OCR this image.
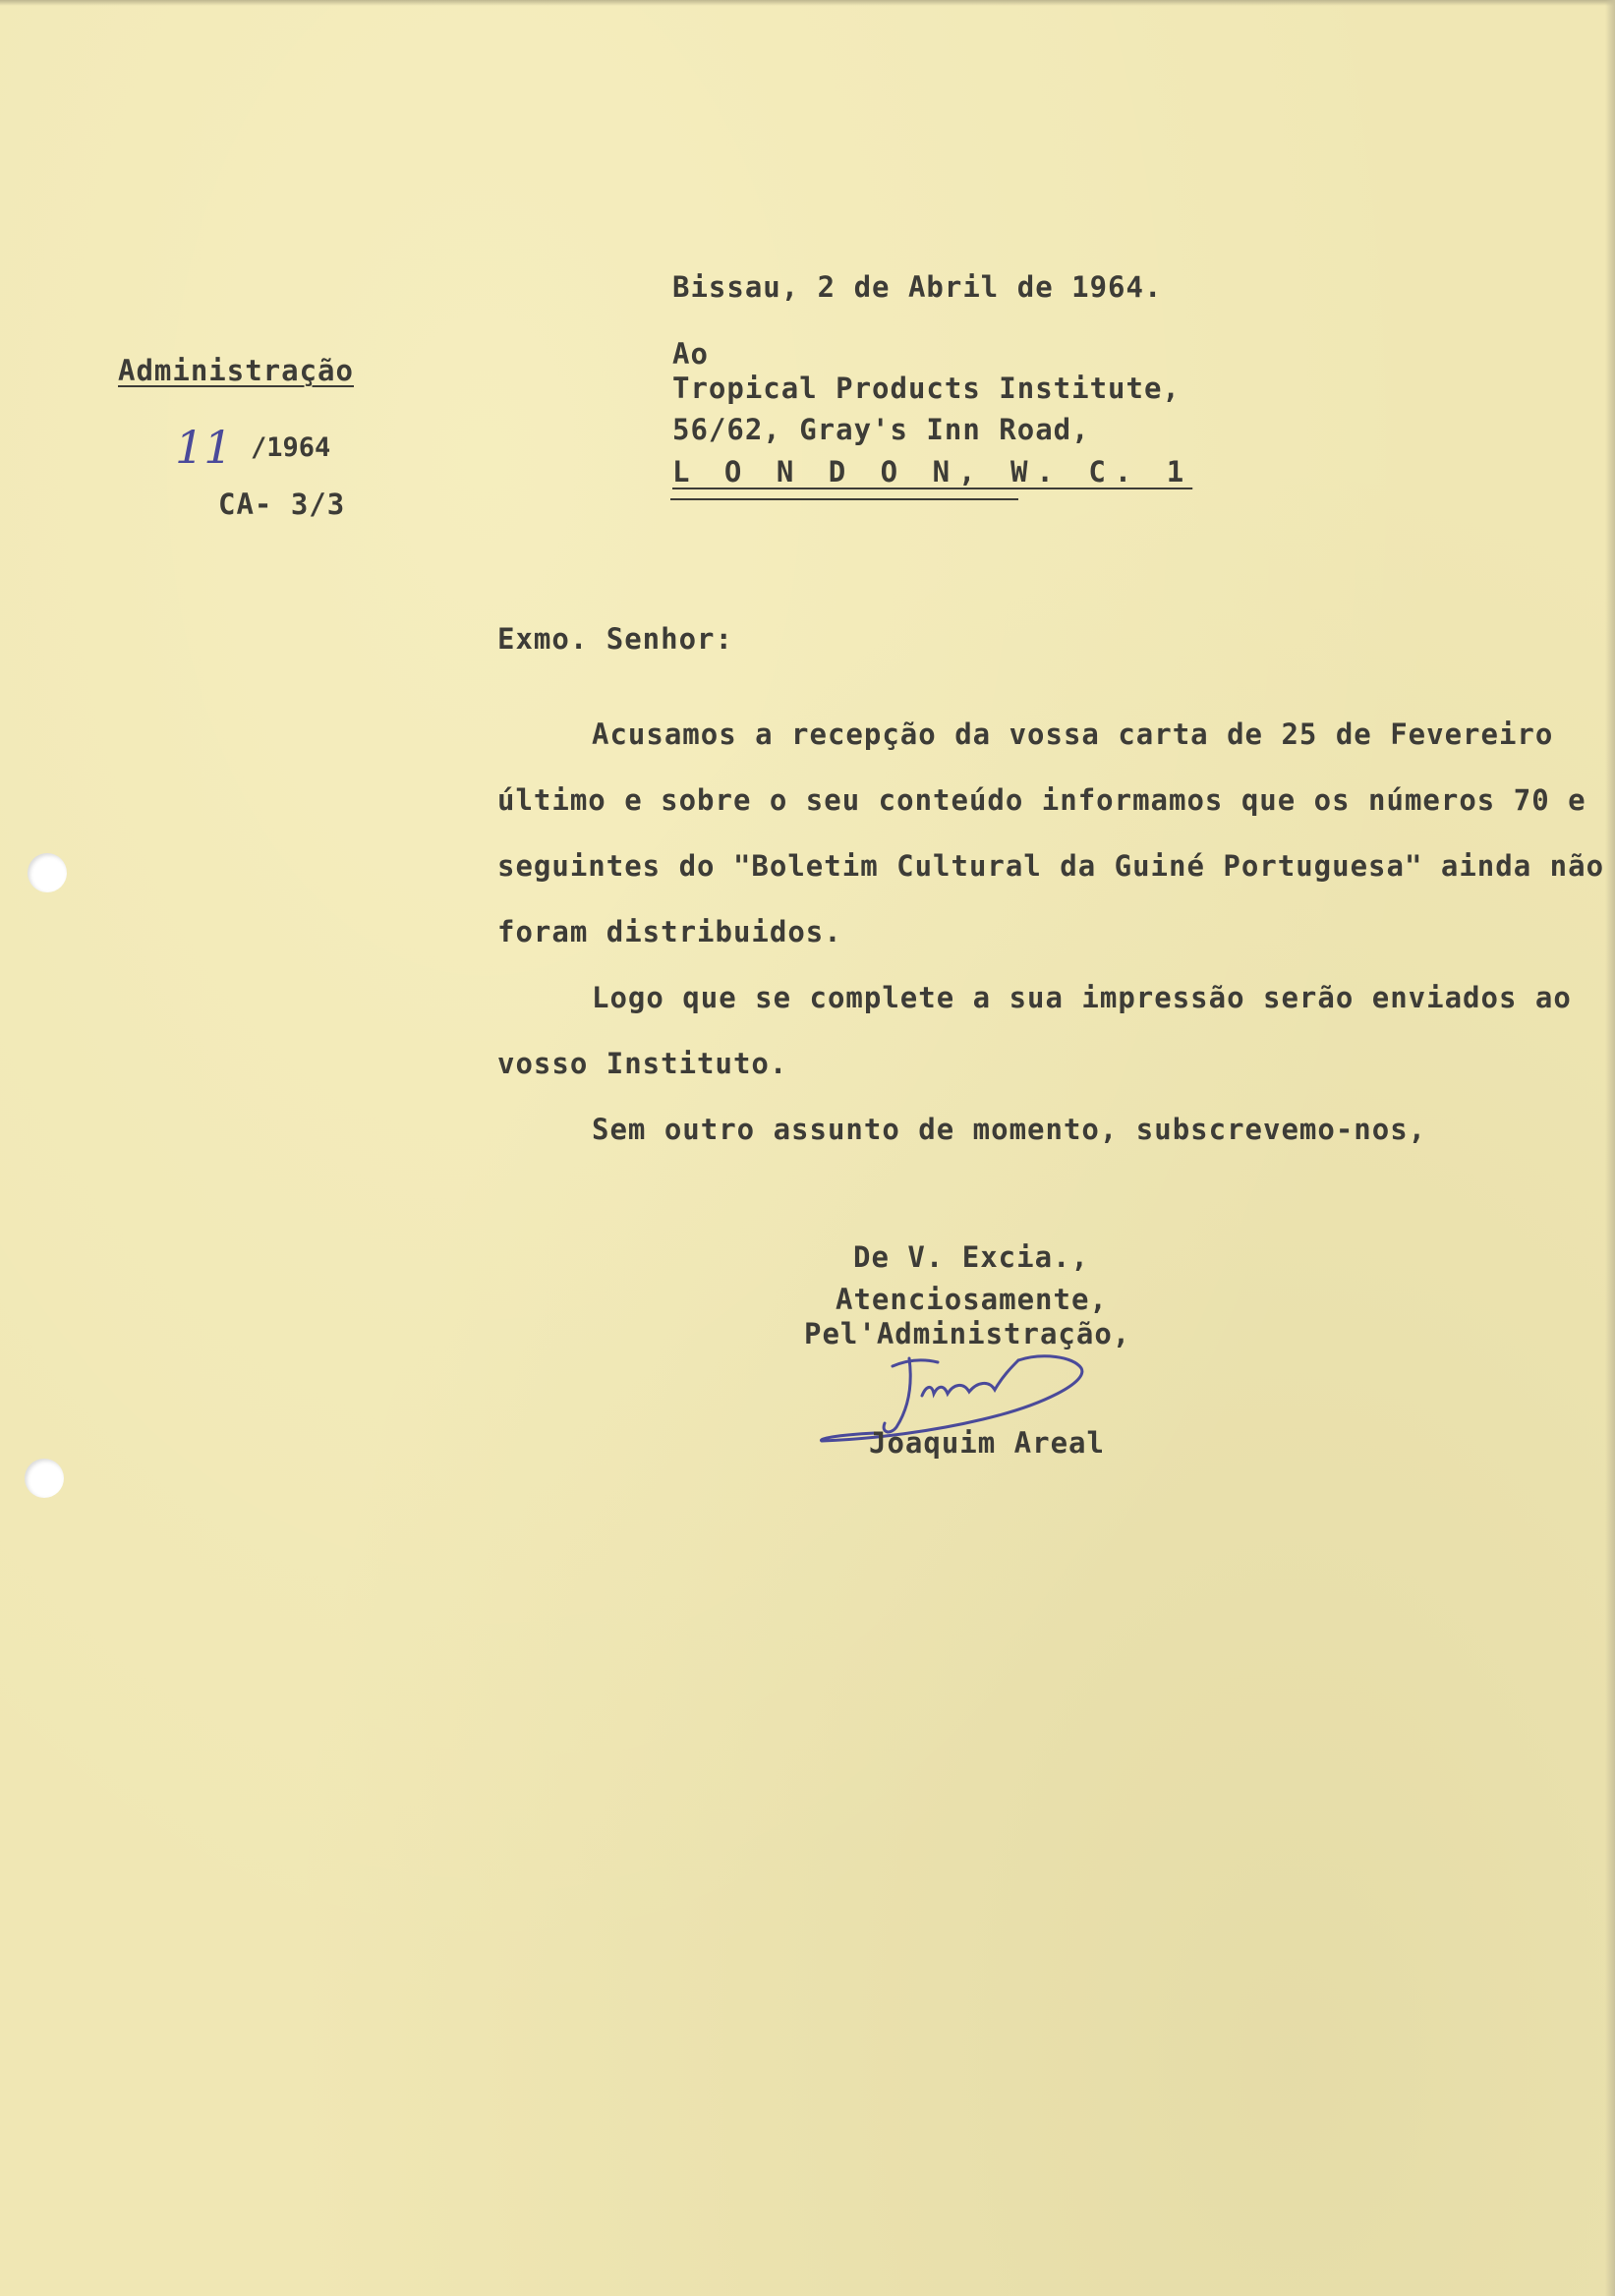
Administração
11 /1964
CA- 3/3
Bissau, 2 de Abril de 1964.
Ao
Tropical Products Institute,
56/62, Gray's Inn Road,
L O N D O N, W. C. 1
Exmo. Senhor:
Acusamos a recepção da vossa carta de 25 de Fevereiro
último e sobre o seu conteúdo informamos que os números 70 e
seguintes do "Boletim Cultural da Guiné Portuguesa" ainda não
foram distribuidos.
Logo que se complete a sua impressão serão enviados ao
vosso Instituto.
Sem outro assunto de momento, subscrevemo-nos,
De V. Excia.,
Atenciosamente,
Pel'Administração,
Joaquim Areal
